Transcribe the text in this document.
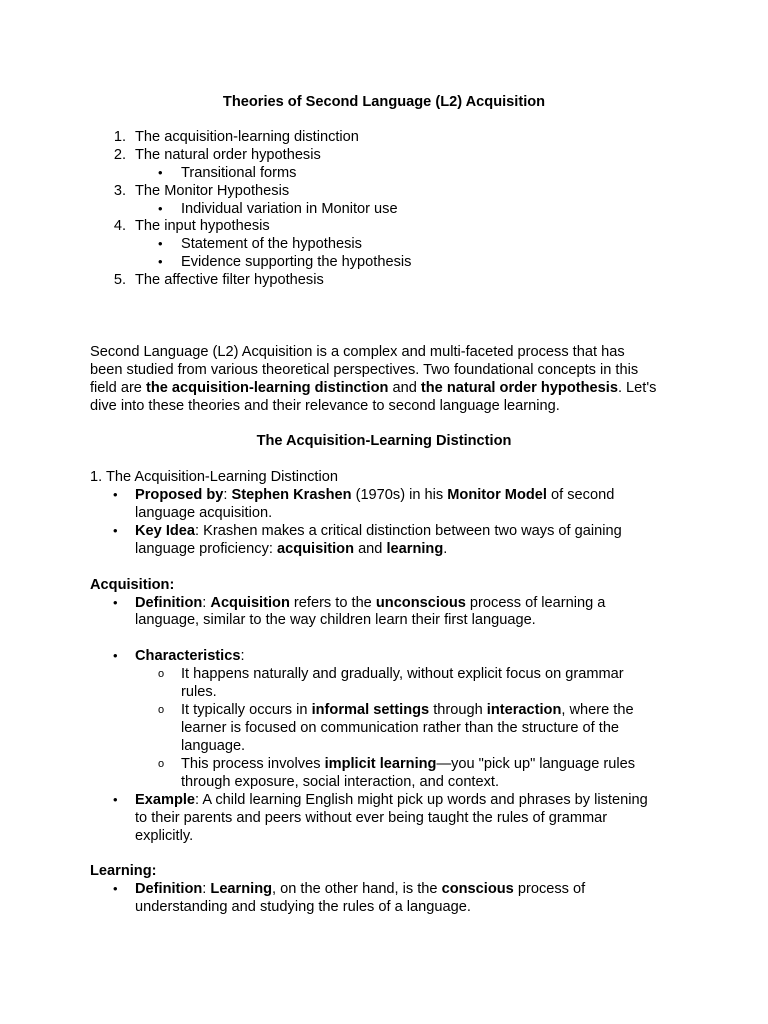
Theories of Second Language (L2) Acquisition
1. The acquisition-learning distinction
2. The natural order hypothesis
• Transitional forms
3. The Monitor Hypothesis
• Individual variation in Monitor use
4. The input hypothesis
• Statement of the hypothesis
• Evidence supporting the hypothesis
5. The affective filter hypothesis
Second Language (L2) Acquisition is a complex and multi-faceted process that has
been studied from various theoretical perspectives. Two foundational concepts in this
field are the acquisition-learning distinction and the natural order hypothesis. Let's
dive into these theories and their relevance to second language learning.
The Acquisition-Learning Distinction
1. The Acquisition-Learning Distinction
• Proposed by: Stephen Krashen (1970s) in his Monitor Model of second
language acquisition.
• Key Idea: Krashen makes a critical distinction between two ways of gaining
language proficiency: acquisition and learning.
Acquisition:
• Definition: Acquisition refers to the unconscious process of learning a
language, similar to the way children learn their first language.
• Characteristics:
o It happens naturally and gradually, without explicit focus on grammar
rules.
o It typically occurs in informal settings through interaction, where the
learner is focused on communication rather than the structure of the
language.
o This process involves implicit learning—you "pick up" language rules
through exposure, social interaction, and context.
• Example: A child learning English might pick up words and phrases by listening
to their parents and peers without ever being taught the rules of grammar
explicitly.
Learning:
• Definition: Learning, on the other hand, is the conscious process of
understanding and studying the rules of a language.
